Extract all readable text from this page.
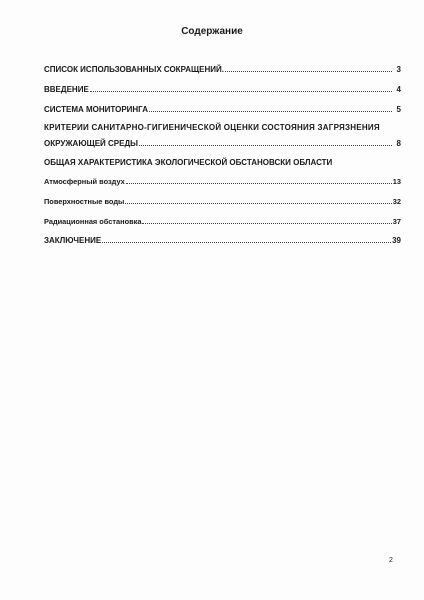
Содержание
СПИСОК ИСПОЛЬЗОВАННЫХ СОКРАЩЕНИЙ.	3
ВВЕДЕНИЕ	4
СИСТЕМА МОНИТОРИНГА	5
КРИТЕРИИ САНИТАРНО-ГИГИЕНИЧЕСКОЙ ОЦЕНКИ СОСТОЯНИЯ ЗАГРЯЗНЕНИЯ
ОКРУЖАЮЩЕЙ СРЕДЫ	8
ОБЩАЯ ХАРАКТЕРИСТИКА ЭКОЛОГИЧЕСКОЙ ОБСТАНОВСКИ ОБЛАСТИ
Атмосферный воздух	13
Поверхностные воды	32
Радиационная обстановка	37
ЗАКЛЮЧЕНИЕ	39
2
